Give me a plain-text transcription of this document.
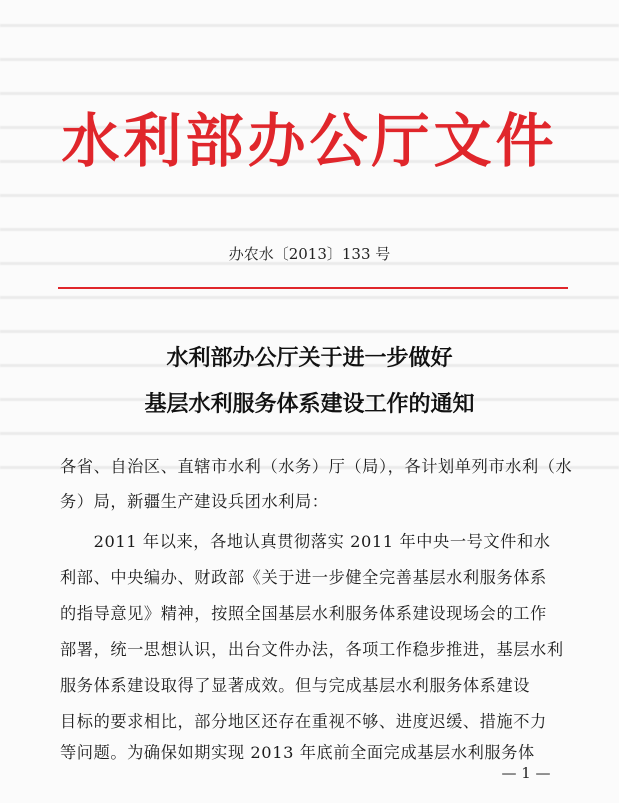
水利部办公厅文件
办农水〔2013〕133 号
水利部办公厅关于进一步做好
基层水利服务体系建设工作的通知
各省、自治区、直辖市水利（水务）厅（局），各计划单列市水利（水
务）局，新疆生产建设兵团水利局：
　　2011 年以来，各地认真贯彻落实 2011 年中央一号文件和水
利部、中央编办、财政部《关于进一步健全完善基层水利服务体系
的指导意见》精神，按照全国基层水利服务体系建设现场会的工作
部署，统一思想认识，出台文件办法，各项工作稳步推进，基层水利
服务体系建设取得了显著成效。但与完成基层水利服务体系建设
目标的要求相比，部分地区还存在重视不够、进度迟缓、措施不力
等问题。为确保如期实现 2013 年底前全面完成基层水利服务体
— 1 —
